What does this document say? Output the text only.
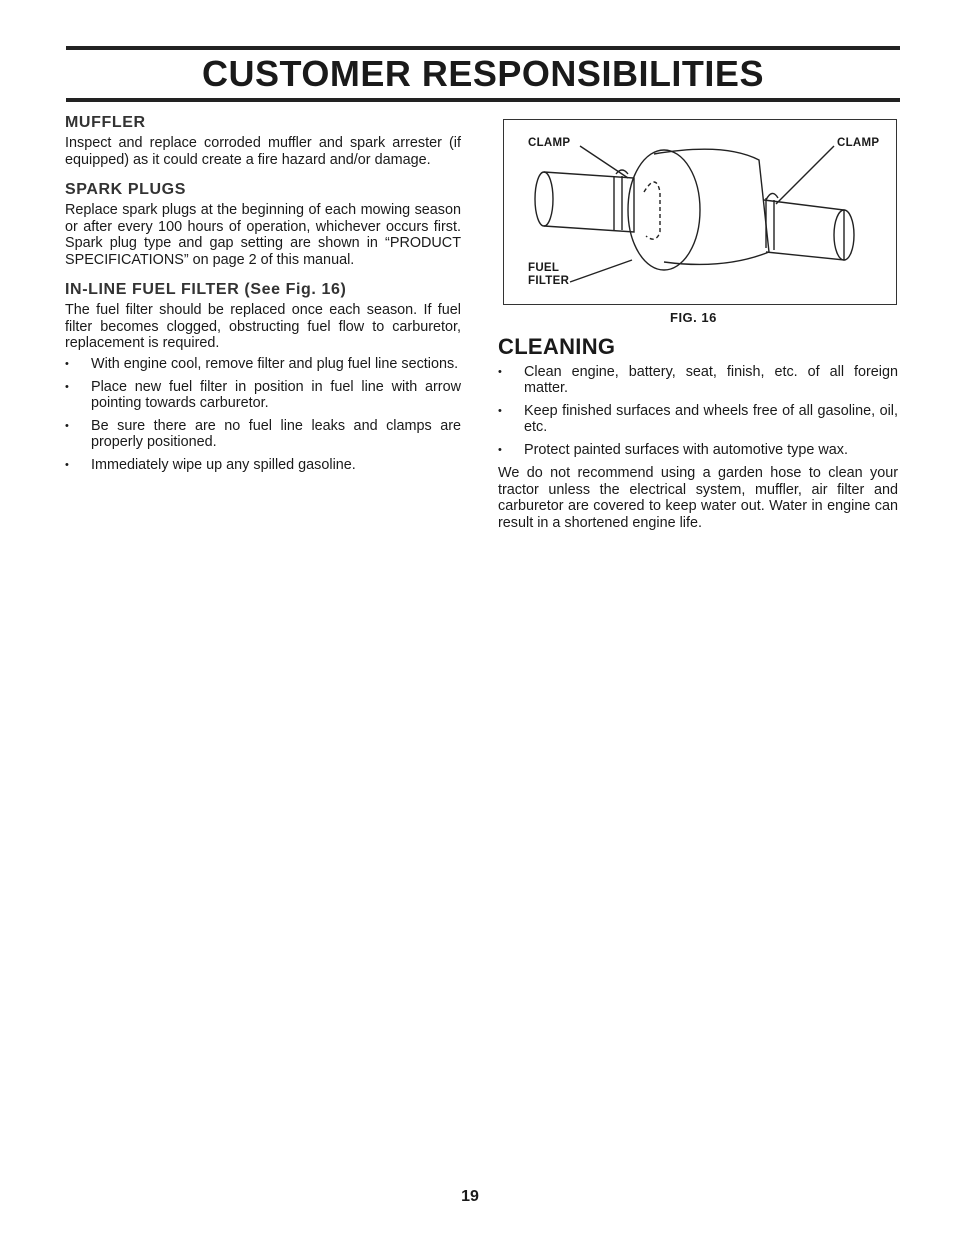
CUSTOMER RESPONSIBILITIES
MUFFLER

Inspect and replace corroded muffler and spark arrester (if equipped) as it could create a fire hazard and/or damage.

SPARK PLUGS

Replace spark plugs at the beginning of each mowing season or after every 100 hours of operation, whichever occurs first. Spark plug type and gap setting are shown in “PRODUCT SPECIFICATIONS” on page 2 of this manual.

IN-LINE FUEL FILTER (See Fig. 16)

The fuel filter should be replaced once each season. If fuel filter becomes clogged, obstructing fuel flow to carburetor, replacement is required.

• With engine cool, remove filter and plug fuel line sections.
• Place new fuel filter in position in fuel line with arrow pointing towards carburetor.
• Be sure there are no fuel line leaks and clamps are properly positioned.
• Immediately wipe up any spilled gasoline.
CLAMP	CLAMP
FUEL
FILTER
FIG. 16
CLEANING
• Clean engine, battery, seat, finish, etc. of all foreign matter.
• Keep finished surfaces and wheels free of all gasoline, oil, etc.
• Protect painted surfaces with automotive type wax.

We do not recommend using a garden hose to clean your tractor unless the electrical system, muffler, air filter and carburetor are covered to keep water out. Water in engine can result in a shortened engine life.

19
